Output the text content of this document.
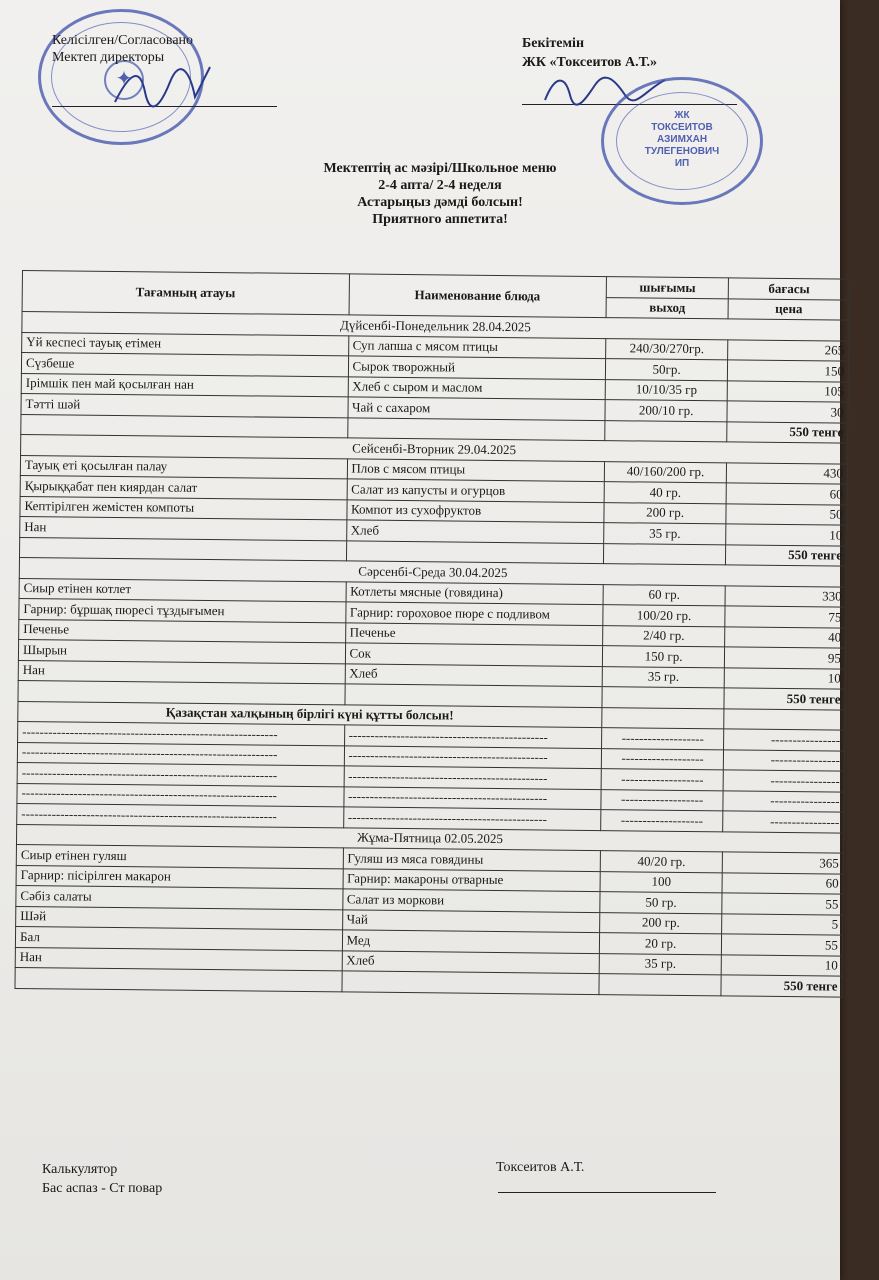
✦
Келісілген/Согласовано
Мектеп директоры
Бекітемін
ЖК «Токсеитов А.Т.»
ЖК
ТОКСЕИТОВ
АЗИМХАН
ТУЛЕГЕНОВИЧ
ИП
Мектептің ас мәзірі/Школьное меню
2-4 апта/ 2-4 неделя
Астарыңыз дәмді болсын!
Приятного аппетита!
Тағамның атауы	Наименование блюда	шығымы	бағасы
		выход	цена
Дүйсенбі-Понедельник 28.04.2025			
Үй кеспесі тауық етімен	Суп лапша с мясом птицы	240/30/270гр.	265
Сүзбеше	Сырок творожный	50гр.	150
Ірімшік пен май қосылған нан	Хлеб с сыром и маслом	10/10/35 гр	105
Тәтті шәй	Чай с сахаром	200/10 гр.	30
			550 тенге
Сейсенбі-Вторник 29.04.2025			
Тауық еті қосылған палау	Плов с мясом птицы	40/160/200 гр.	430
Қырыққабат пен киярдан салат	Салат из капусты и огурцов	40 гр.	60
Кептірілген жемістен компоты	Компот из сухофруктов	200 гр.	50
Нан	Хлеб	35 гр.	10
			550 тенге
Сәрсенбі-Среда 30.04.2025			
Сиыр етінен котлет	Котлеты мясные (говядина)	60 гр.	330
Гарнир: бұршақ пюресі тұздығымен	Гарнир: гороховое пюре с подливом	100/20 гр.	75
Печенье	Печенье	2/40 гр.	40
Шырын	Сок	150 гр.	95
Нан	Хлеб	35 гр.	10
			550 тенге
Қазақстан халқының бірлігі күні құтты болсын!			
-----------------------------------------------------------	----------------------------------------------	-------------------	----------------
-----------------------------------------------------------	----------------------------------------------	-------------------	----------------
-----------------------------------------------------------	----------------------------------------------	-------------------	----------------
-----------------------------------------------------------	----------------------------------------------	-------------------	----------------
-----------------------------------------------------------	----------------------------------------------	-------------------	----------------
Жұма-Пятница 02.05.2025			
Сиыр етінен гуляш	Гуляш из мяса говядины	40/20 гр.	365
Гарнир: пісірілген макарон	Гарнир: макароны отварные	100	60
Сәбіз салаты	Салат из моркови	50 гр.	55
Шәй	Чай	200 гр.	5
Бал	Мед	20 гр.	55
Нан	Хлеб	35 гр.	10
			550 тенге
Калькулятор
Бас аспаз - Ст повар
Токсеитов А.Т.
